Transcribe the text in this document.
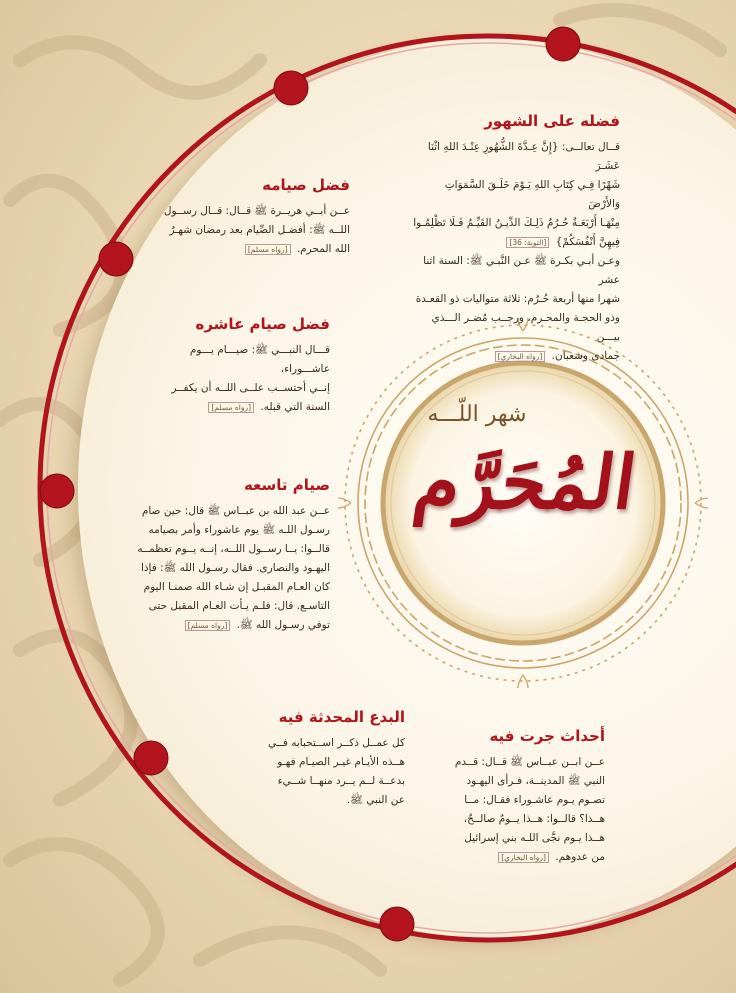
شهر اللّـــه
المُحَرَّم
فضله على الشهور

قــال تعالــى: {إِنَّ عِـدَّةَ الشُّهُورِ عِنْـدَ اللهِ اثْنَا عَشَـرَ
شَهْرًا فِـي كِتَابِ اللهِ يَـوْمَ خَلَـقَ السَّمَوَاتِ وَالأَرْضَ
مِنْهَـا أَرْبَعَـةٌ حُـرُمٌ ذَلِـكَ الدِّيـنُ القَيِّـمُ فَـلَا تَظْلِمُـوا
فِيهِنَّ أَنْفُسَكُمْ} [التوبة: 36]
وعـن أبـي بكـرة ﷺ عـن النَّبـي ﷺ: السنة اثنا عشر
شهرا منها أربعة حُـرُم: ثلاثة متواليات ذو القعـدة
وذو الحجـة والمحـرم، ورجــب مُضـر الـــذي بيـــن
جمادى وشعبان. [رواه البخاري]

فضل صيامه

عــن أبــي هريــرة ﷺ قــال: قــال رســول
اللــه ﷺ: أفضـل الصِّيام بعد رمضان شهـرُ
الله المحرم. [رواه مسلم]

فضل صيام عاشره

قـــال النبـــي ﷺ: صيـــام يـــوم عاشـــوراء،
إنــي أحتســب علــى اللــه أن يكفــر
السنة التي قبله. [رواه مسلم]

صيام تاسعه

عــن عبد الله بن عبــاس ﷺ قال: حين صام
رسـول اللـه ﷺ يوم عاشوراء وأمر بصيامه
قالــوا: يــا رســول اللــه، إنــه يــوم تعظمــه
اليهـود والنصارى. فقال رسـول الله ﷺ: فإذا
كان العـام المقبـل إن شـاء الله صمنـا اليوم
التاسـع. قال: فلـم يـأت العـام المقبل حتى
توفي رسـول الله ﷺ. [رواه مسلم]

البدع المحدثة فيه

كل عمــل ذكــر اســتحبابه فــي
هــذه الأيـام غيـر الصيـام فهـو
بدعــة لــم يــرد منهــا شــيء
عن النبي ﷺ.

أحداث جرت فيه

عــن ابــن عبــاس ﷺ قــال: قــدم
النبي ﷺ المدينــة، فـرأى اليهـود
تصـوم يـوم عاشـوراء فقـال: مــا
هــذا؟ قالــوا: هــذا يــومٌ صالــحٌ،
هــذا يـوم نجَّى اللـه بني إسرائيل
من عدوهم. [رواه البخاري]
